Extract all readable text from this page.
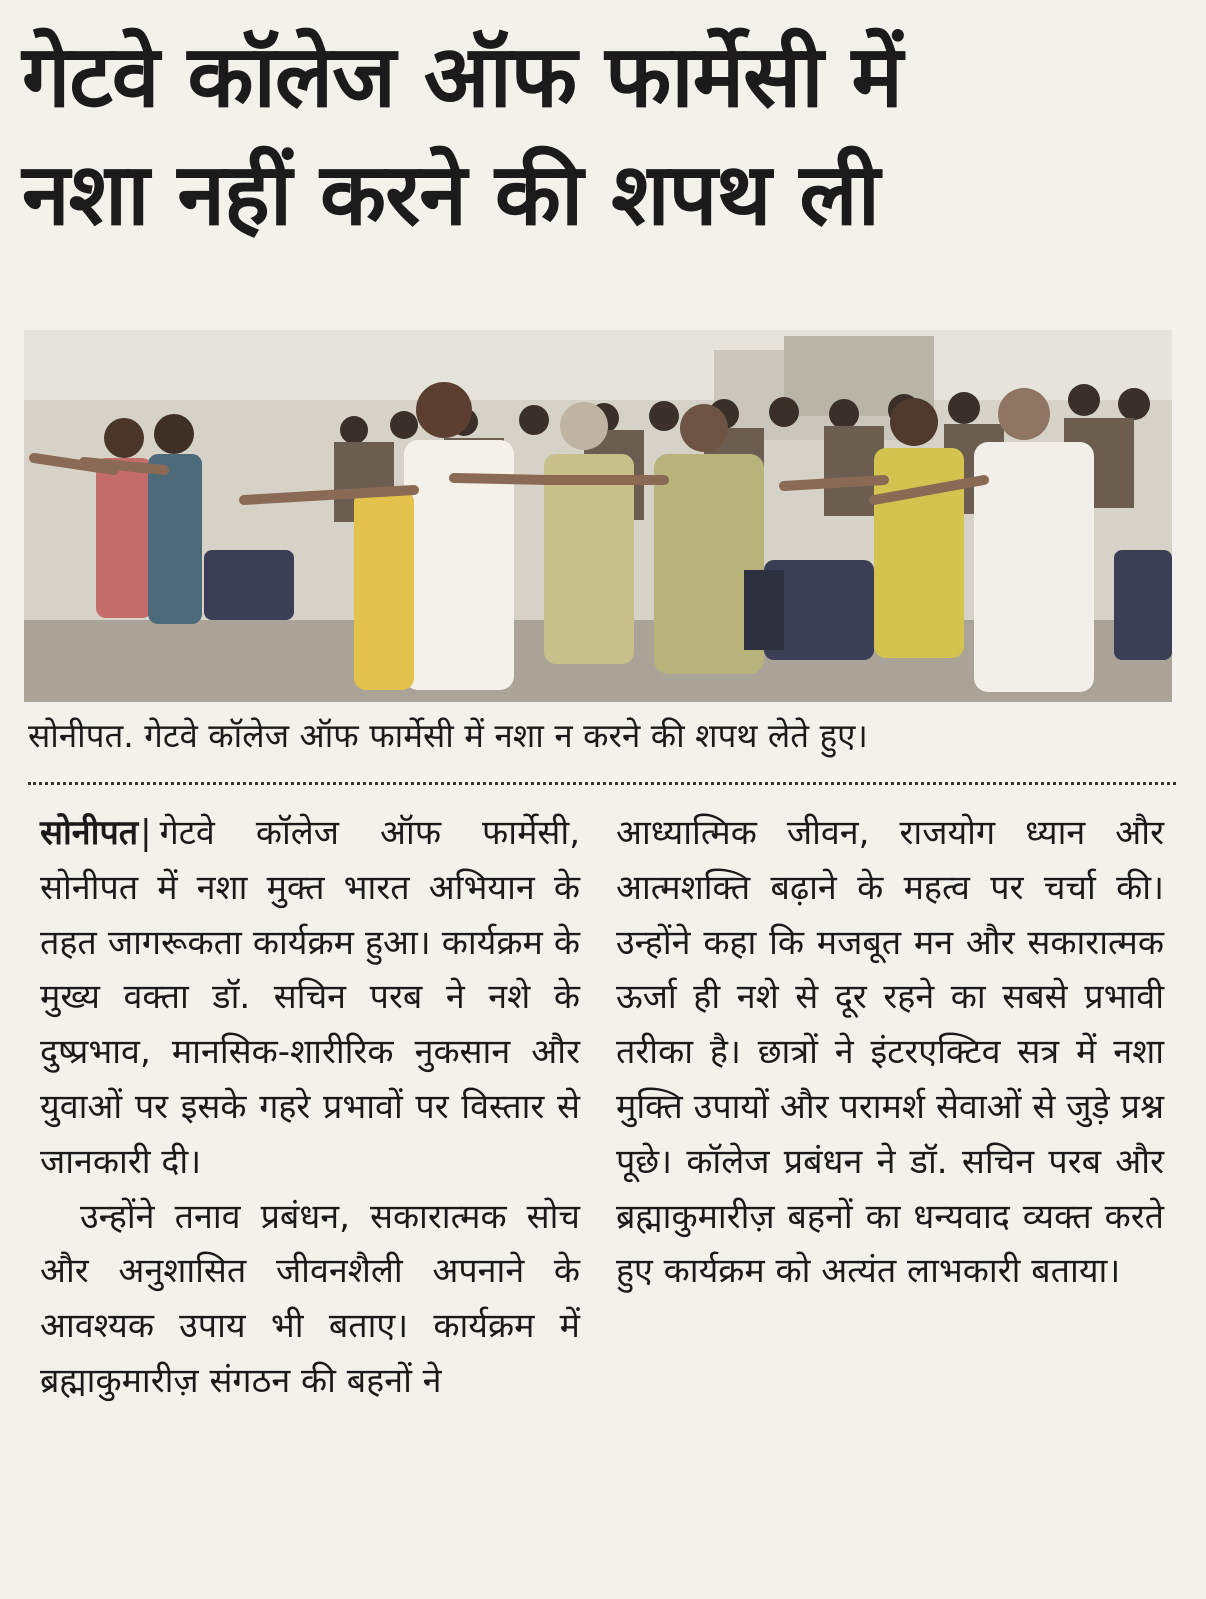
गेटवे कॉलेज ऑफ फार्मेसी में
नशा नहीं करने की शपथ ली

सोनीपत. गेटवे कॉलेज ऑफ फार्मेसी में नशा न करने की शपथ लेते हुए।

सोनीपत| गेटवे कॉलेज ऑफ फार्मेसी, सोनीपत में नशा मुक्त भारत अभियान के तहत जागरूकता कार्यक्रम हुआ। कार्यक्रम के मुख्य वक्ता डॉ. सचिन परब ने नशे के दुष्प्रभाव, मानसिक-शारीरिक नुकसान और युवाओं पर इसके गहरे प्रभावों पर विस्तार से जानकारी दी।

उन्होंने तनाव प्रबंधन, सकारात्मक सोच और अनुशासित जीवनशैली अपनाने के आवश्यक उपाय भी बताए। कार्यक्रम में ब्रह्माकुमारीज़ संगठन की बहनों ने

आध्यात्मिक जीवन, राजयोग ध्यान और आत्मशक्ति बढ़ाने के महत्व पर चर्चा की। उन्होंने कहा कि मजबूत मन और सकारात्मक ऊर्जा ही नशे से दूर रहने का सबसे प्रभावी तरीका है। छात्रों ने इंटरएक्टिव सत्र में नशा मुक्ति उपायों और परामर्श सेवाओं से जुड़े प्रश्न पूछे। कॉलेज प्रबंधन ने डॉ. सचिन परब और ब्रह्माकुमारीज़ बहनों का धन्यवाद व्यक्त करते हुए कार्यक्रम को अत्यंत लाभकारी बताया।
